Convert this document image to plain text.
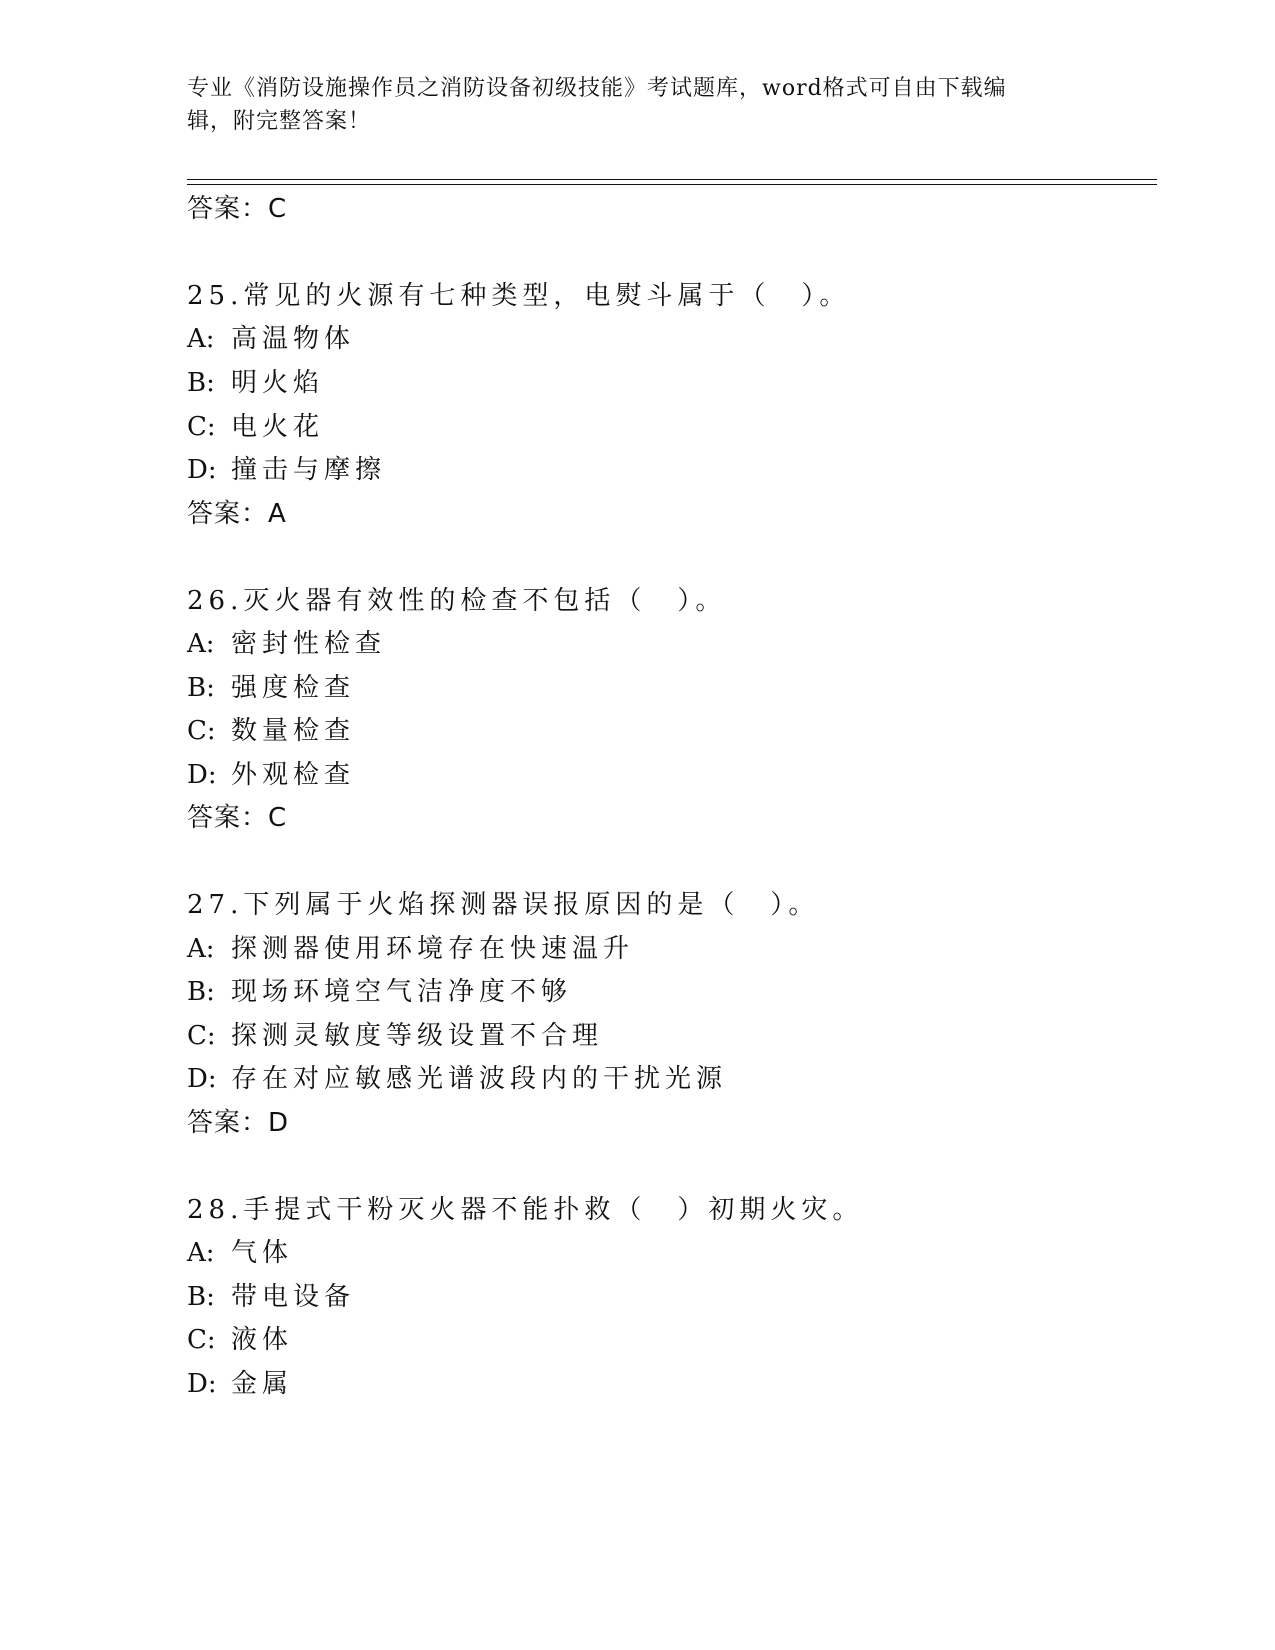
专业《消防设施操作员之消防设备初级技能》考试题库，word格式可自由下载编
辑，附完整答案！
答案：C
25.常见的火源有七种类型，电熨斗属于（　）。
A: 高温物体
B: 明火焰
C: 电火花
D: 撞击与摩擦
答案：A
26.灭火器有效性的检查不包括（　）。
A: 密封性检查
B: 强度检查
C: 数量检查
D: 外观检查
答案：C
27.下列属于火焰探测器误报原因的是（　）。
A: 探测器使用环境存在快速温升
B: 现场环境空气洁净度不够
C: 探测灵敏度等级设置不合理
D: 存在对应敏感光谱波段内的干扰光源
答案：D
28.手提式干粉灭火器不能扑救（　）初期火灾。
A: 气体
B: 带电设备
C: 液体
D: 金属
